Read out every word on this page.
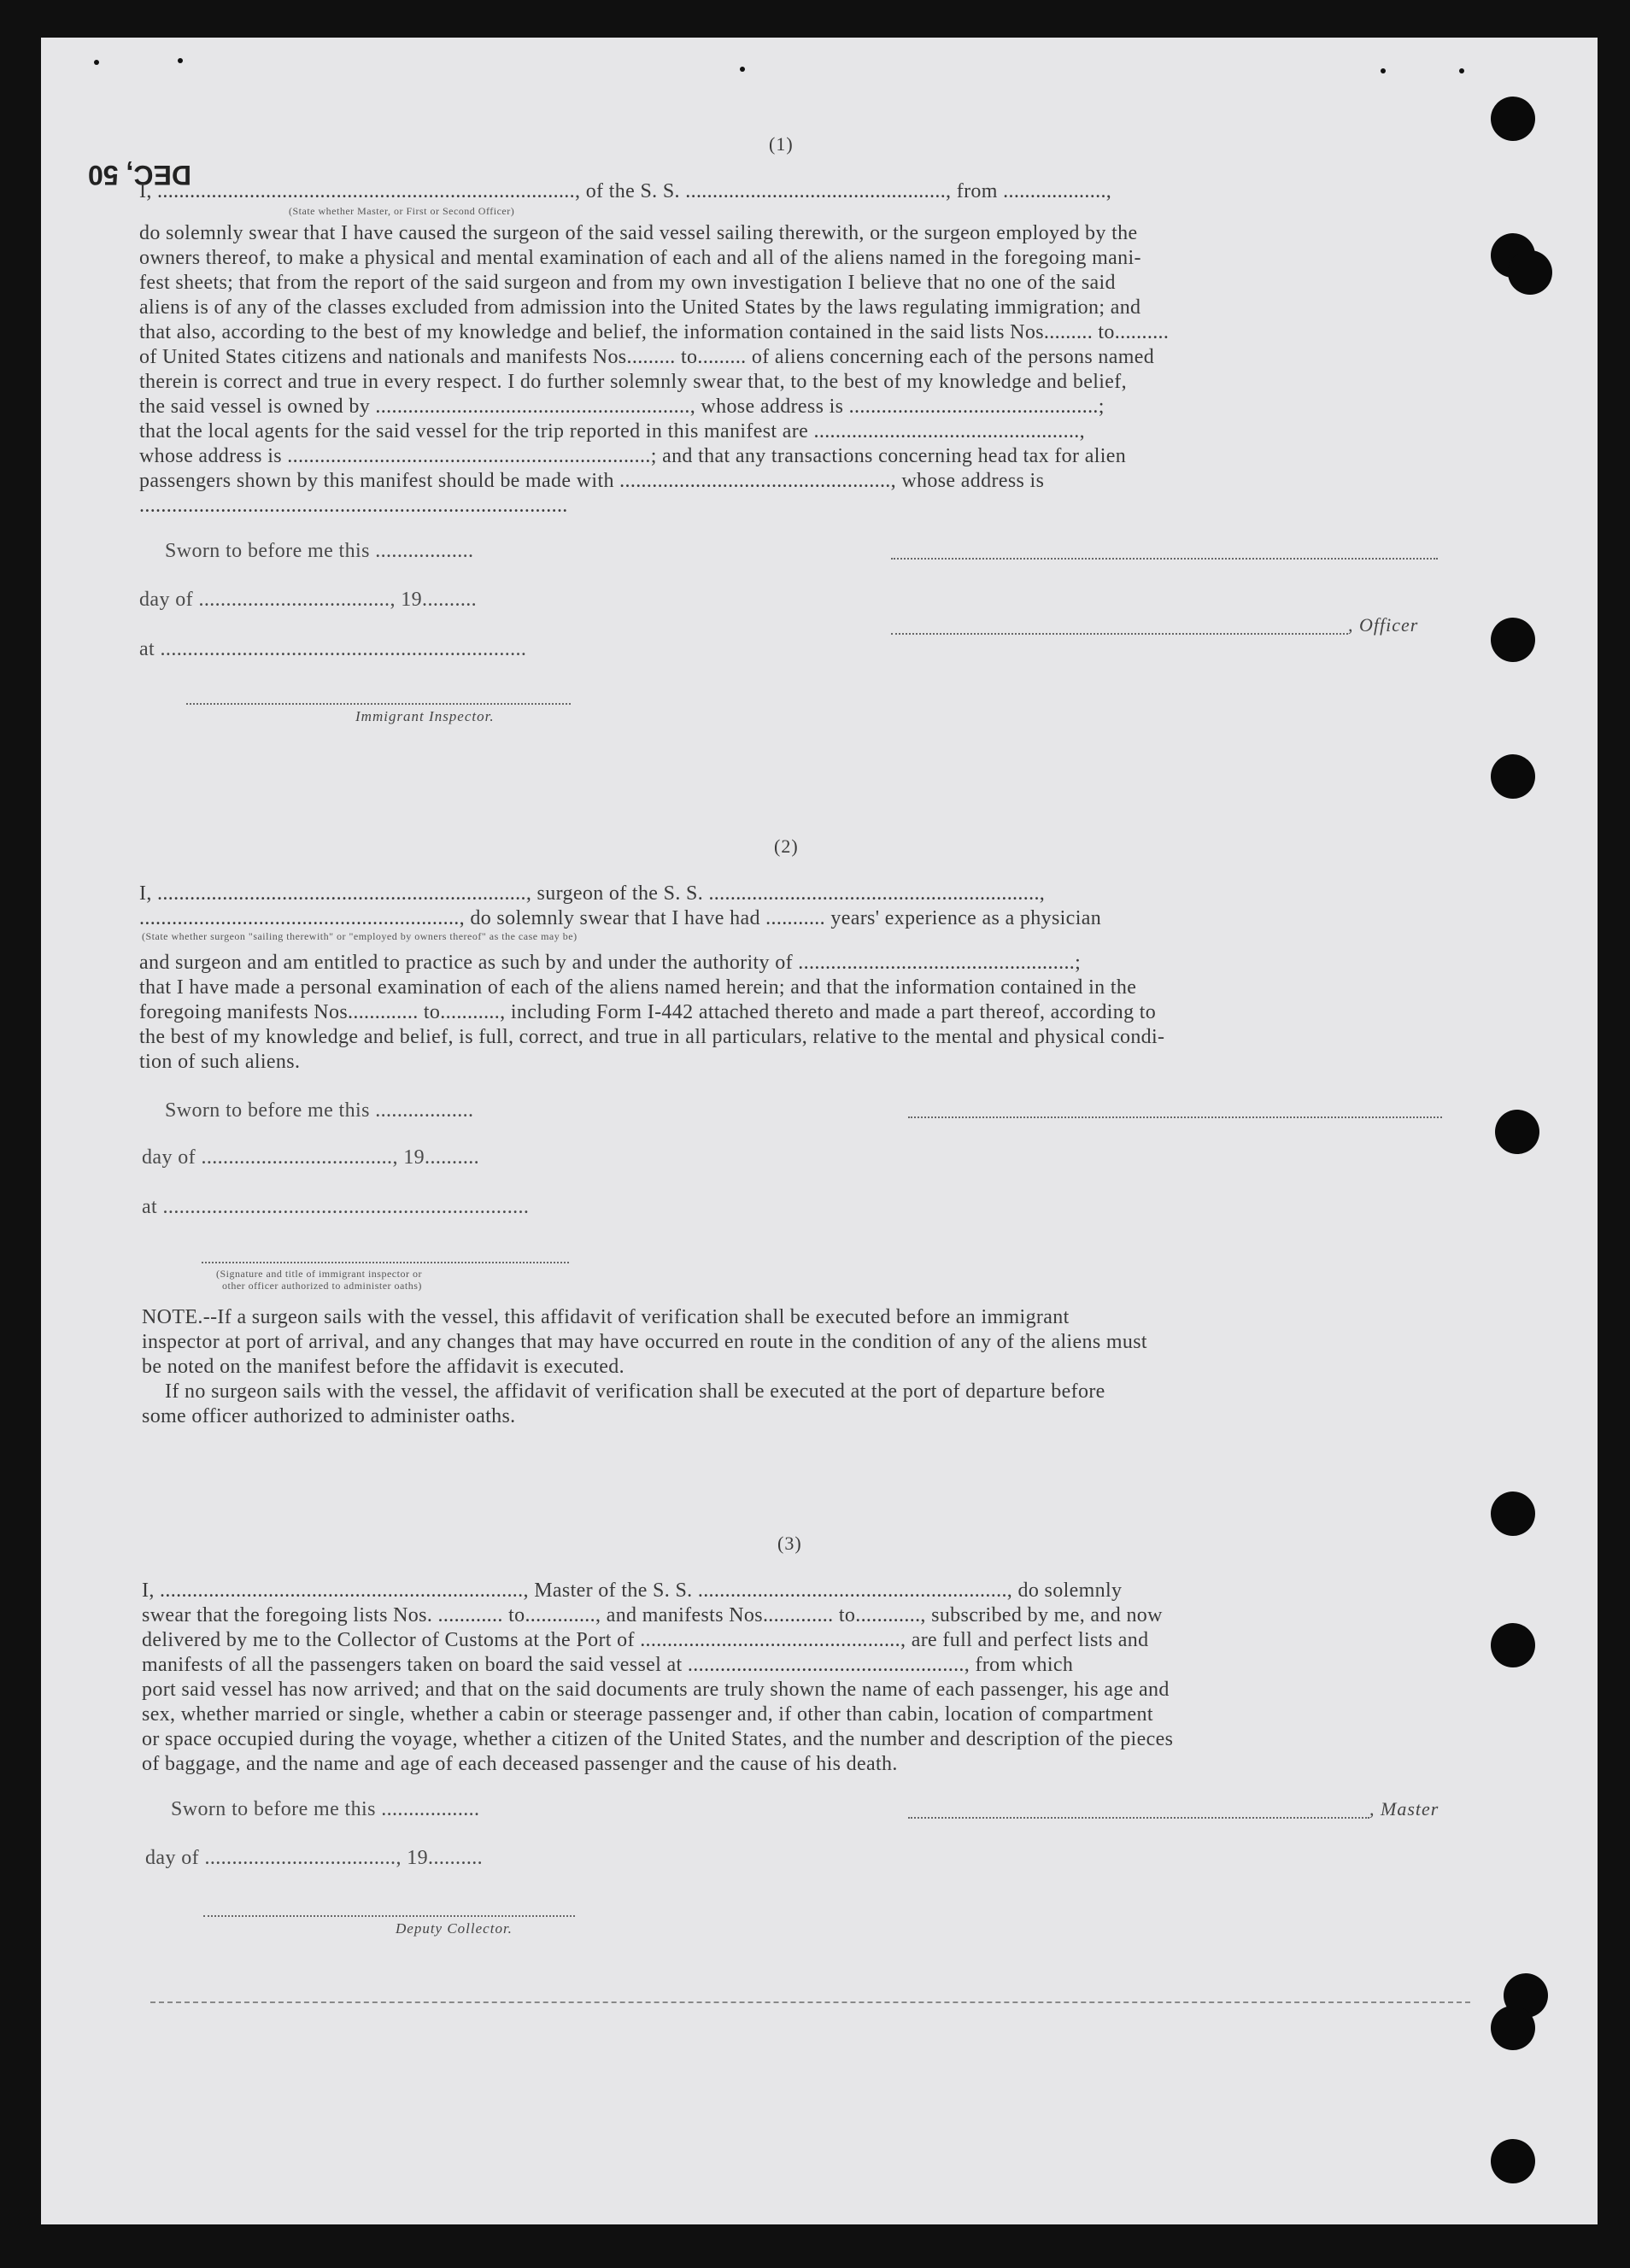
DEC, 50
(1)
I, ............................................................................., of the S. S. ................................................, from ...................,
(State whether Master, or First or Second Officer)
do solemnly swear that I have caused the surgeon of the said vessel sailing therewith, or the surgeon employed by the
owners thereof, to make a physical and mental examination of each and all of the aliens named in the foregoing mani-
fest sheets; that from the report of the said surgeon and from my own investigation I believe that no one of the said
aliens is of any of the classes excluded from admission into the United States by the laws regulating immigration; and
that also, according to the best of my knowledge and belief, the information contained in the said lists Nos......... to..........
of United States citizens and nationals and manifests Nos......... to......... of aliens concerning each of the persons named
therein is correct and true in every respect. I do further solemnly swear that, to the best of my knowledge and belief,
the said vessel is owned by .........................................................., whose address is ..............................................;
that the local agents for the said vessel for the trip reported in this manifest are .................................................,
whose address is ...................................................................; and that any transactions concerning head tax for alien
passengers shown by this manifest should be made with .................................................., whose address is
...............................................................................
Sworn to before me this ..................
day of ..................................., 19..........
, Officer
at ...................................................................
Immigrant Inspector.
(2)
I, ...................................................................., surgeon of the S. S. .............................................................,
..........................................................., do solemnly swear that I have had ........... years' experience as a physician
(State whether surgeon "sailing therewith" or "employed by owners thereof" as the case may be)
and surgeon and am entitled to practice as such by and under the authority of ...................................................;
that I have made a personal examination of each of the aliens named herein; and that the information contained in the
foregoing manifests Nos............. to..........., including Form I-442 attached thereto and made a part thereof, according to
the best of my knowledge and belief, is full, correct, and true in all particulars, relative to the mental and physical condi-
tion of such aliens.
Sworn to before me this ..................
day of ..................................., 19..........
at ...................................................................
(Signature and title of immigrant inspector or
other officer authorized to administer oaths)
NOTE.--If a surgeon sails with the vessel, this affidavit of verification shall be executed before an immigrant
inspector at port of arrival, and any changes that may have occurred en route in the condition of any of the aliens must
be noted on the manifest before the affidavit is executed.
If no surgeon sails with the vessel, the affidavit of verification shall be executed at the port of departure before
some officer authorized to administer oaths.
(3)
I, ..................................................................., Master of the S. S. ........................................................., do solemnly
swear that the foregoing lists Nos. ............ to............., and manifests Nos............. to............, subscribed by me, and now
delivered by me to the Collector of Customs at the Port of ................................................, are full and perfect lists and
manifests of all the passengers taken on board the said vessel at ..................................................., from which
port said vessel has now arrived; and that on the said documents are truly shown the name of each passenger, his age and
sex, whether married or single, whether a cabin or steerage passenger and, if other than cabin, location of compartment
or space occupied during the voyage, whether a citizen of the United States, and the number and description of the pieces
of baggage, and the name and age of each deceased passenger and the cause of his death.
Sworn to before me this ..................	, Master
day of ..................................., 19..........
Deputy Collector.
